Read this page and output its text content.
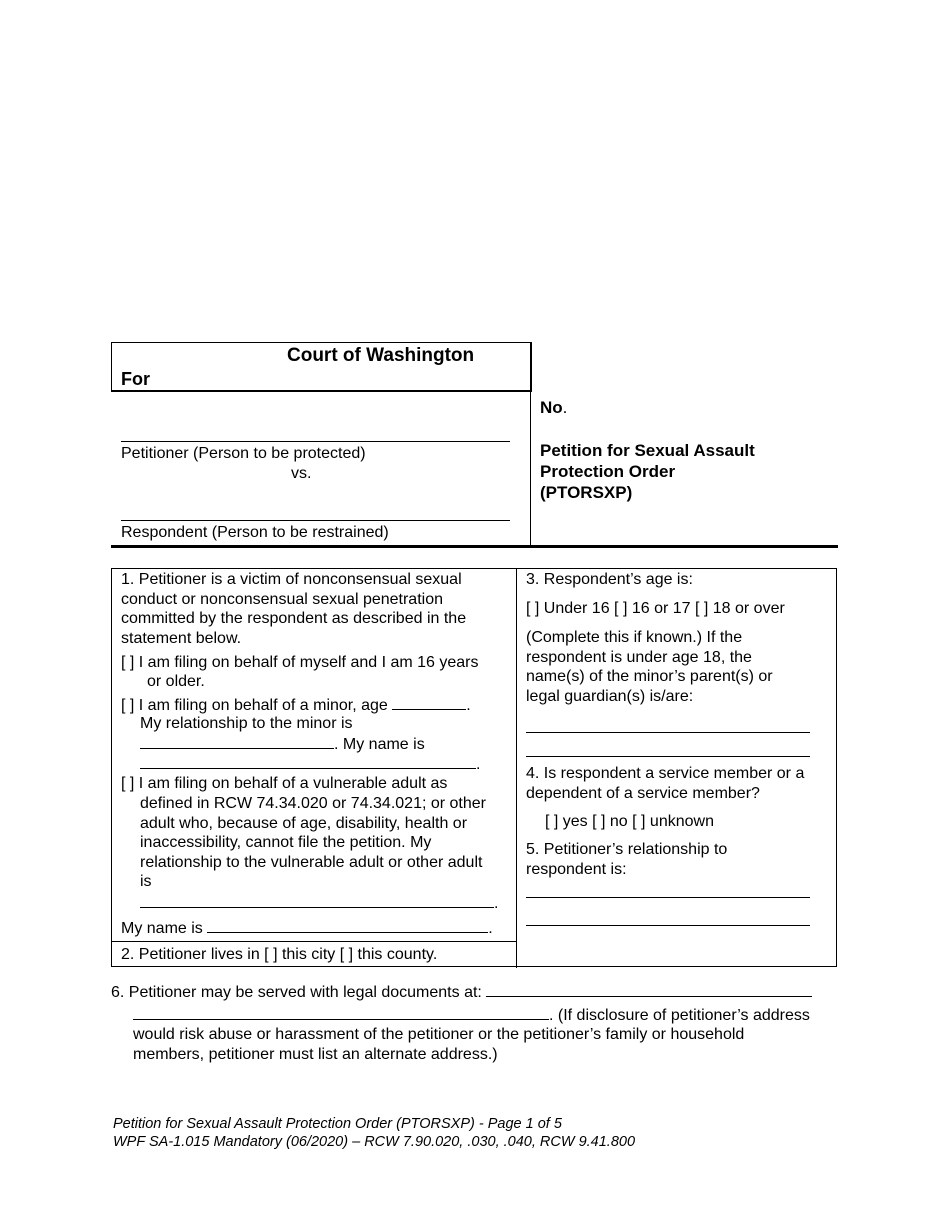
Court of Washington
For
Petitioner (Person to be protected)
vs.
Respondent (Person to be restrained)
No.
Petition for Sexual Assault
Protection Order
(PTORSXP)
1. Petitioner is a victim of nonconsensual sexual
conduct or nonconsensual sexual penetration
committed by the respondent as described in the
statement below.
[ ] I am filing on behalf of myself and I am 16 years
or older.
[ ] I am filing on behalf of a minor, age	.
My relationship to the minor is
. My name is
.
[ ] I am filing on behalf of a vulnerable adult as
defined in RCW 74.34.020 or 74.34.021; or other
adult who, because of age, disability, health or
inaccessibility, cannot file the petition. My
relationship to the vulnerable adult or other adult
is
.
My name is	.
2. Petitioner lives in [ ] this city [ ] this county.
3. Respondent’s age is:
[ ] Under 16 [ ] 16 or 17 [ ] 18 or over
(Complete this if known.) If the
respondent is under age 18, the
name(s) of the minor’s parent(s) or
legal guardian(s) is/are:
4. Is respondent a service member or a
dependent of a service member?
[ ] yes [ ] no [ ] unknown
5. Petitioner’s relationship to
respondent is:
6. Petitioner may be served with legal documents at:
. (If disclosure of petitioner’s address
would risk abuse or harassment of the petitioner or the petitioner’s family or household
members, petitioner must list an alternate address.)
Petition for Sexual Assault Protection Order (PTORSXP) - Page 1 of 5
WPF SA-1.015 Mandatory (06/2020) – RCW 7.90.020, .030, .040, RCW 9.41.800
